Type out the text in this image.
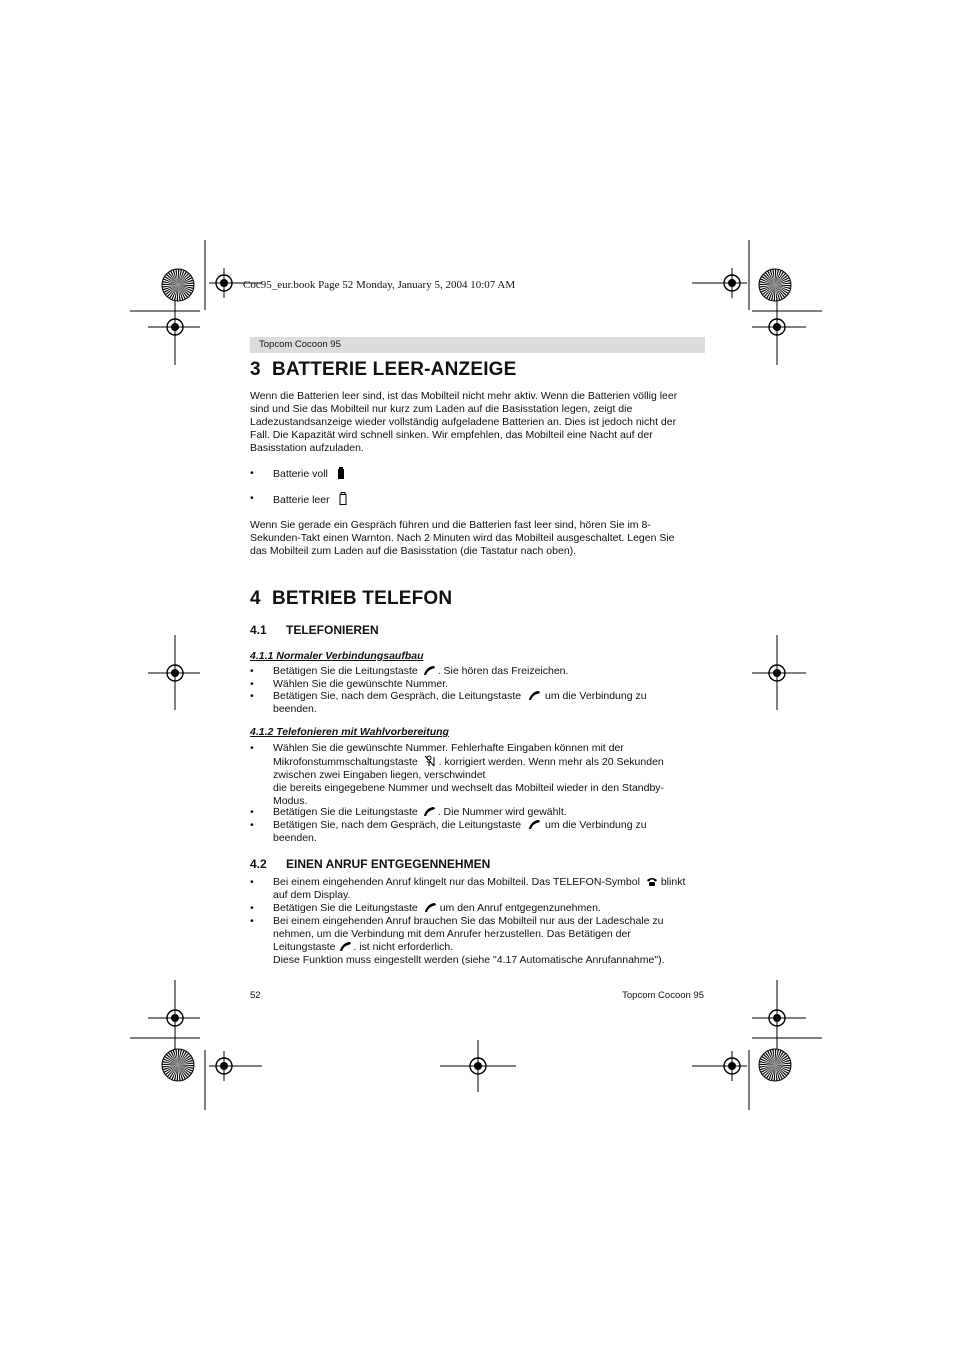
Coc95_eur.book Page 52 Monday, January 5, 2004 10:07 AM
Topcom Cocoon 95
3 BATTERIE LEER-ANZEIGE
Wenn die Batterien leer sind, ist das Mobilteil nicht mehr aktiv. Wenn die Batterien völlig leer
sind und Sie das Mobilteil nur kurz zum Laden auf die Basisstation legen, zeigt die
Ladezustandsanzeige wieder vollständig aufgeladene Batterien an. Dies ist jedoch nicht der
Fall. Die Kapazität wird schnell sinken. Wir empfehlen, das Mobilteil eine Nacht auf der
Basisstation aufzuladen.
• Batterie voll
• Batterie leer
Wenn Sie gerade ein Gespräch führen und die Batterien fast leer sind, hören Sie im 8-
Sekunden-Takt einen Warnton. Nach 2 Minuten wird das Mobilteil ausgeschaltet. Legen Sie
das Mobilteil zum Laden auf die Basisstation (die Tastatur nach oben).
4 BETRIEB TELEFON
4.1 TELEFONIEREN
4.1.1 Normaler Verbindungsaufbau
• Betätigen Sie die Leitungstaste . Sie hören das Freizeichen.
• Wählen Sie die gewünschte Nummer.
• Betätigen Sie, nach dem Gespräch, die Leitungstaste um die Verbindung zu
beenden.
4.1.2 Telefonieren mit Wahlvorbereitung
• Wählen Sie die gewünschte Nummer. Fehlerhafte Eingaben können mit der
Mikrofonstummschaltungstaste . korrigiert werden. Wenn mehr als 20 Sekunden
zwischen zwei Eingaben liegen, verschwindet
die bereits eingegebene Nummer und wechselt das Mobilteil wieder in den Standby-
Modus.
• Betätigen Sie die Leitungstaste . Die Nummer wird gewählt.
• Betätigen Sie, nach dem Gespräch, die Leitungstaste um die Verbindung zu
beenden.
4.2 EINEN ANRUF ENTGEGENNEHMEN
• Bei einem eingehenden Anruf klingelt nur das Mobilteil. Das TELEFON-Symbol blinkt
auf dem Display.
• Betätigen Sie die Leitungstaste um den Anruf entgegenzunehmen.
• Bei einem eingehenden Anruf brauchen Sie das Mobilteil nur aus der Ladeschale zu
nehmen, um die Verbindung mit dem Anrufer herzustellen. Das Betätigen der
Leitungstaste . ist nicht erforderlich.
Diese Funktion muss eingestellt werden (siehe "4.17 Automatische Anrufannahme").
52	Topcom Cocoon 95
